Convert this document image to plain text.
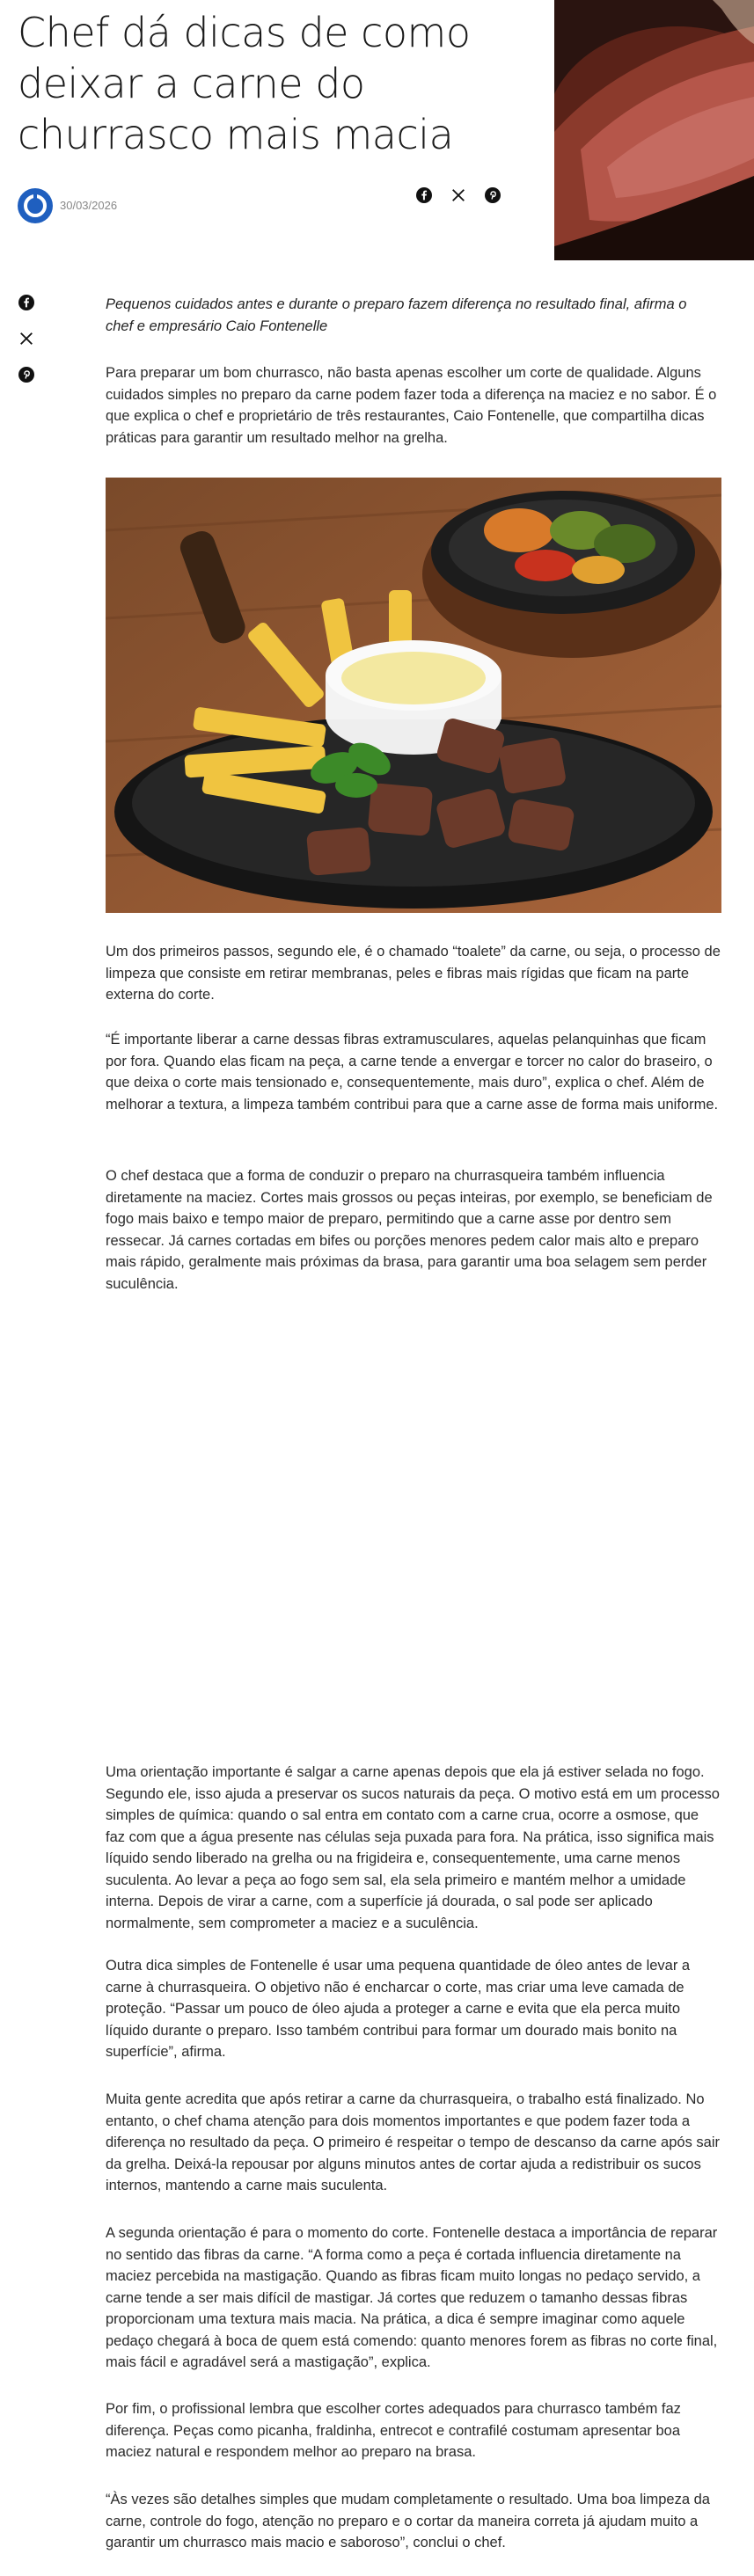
Chef dá dicas de como deixar a carne do churrasco mais macia
30/03/2026

Pequenos cuidados antes e durante o preparo fazem diferença no resultado final, afirma o chef e empresário Caio Fontenelle

Para preparar um bom churrasco, não basta apenas escolher um corte de qualidade. Alguns cuidados simples no preparo da carne podem fazer toda a diferença na maciez e no sabor. É o que explica o chef e proprietário de três restaurantes, Caio Fontenelle, que compartilha dicas práticas para garantir um resultado melhor na grelha.

Um dos primeiros passos, segundo ele, é o chamado “toalete” da carne, ou seja, o processo de limpeza que consiste em retirar membranas, peles e fibras mais rígidas que ficam na parte externa do corte.

“É importante liberar a carne dessas fibras extramusculares, aquelas pelanquinhas que ficam por fora. Quando elas ficam na peça, a carne tende a envergar e torcer no calor do braseiro, o que deixa o corte mais tensionado e, consequentemente, mais duro”, explica o chef. Além de melhorar a textura, a limpeza também contribui para que a carne asse de forma mais uniforme.

O chef destaca que a forma de conduzir o preparo na churrasqueira também influencia diretamente na maciez. Cortes mais grossos ou peças inteiras, por exemplo, se beneficiam de fogo mais baixo e tempo maior de preparo, permitindo que a carne asse por dentro sem ressecar. Já carnes cortadas em bifes ou porções menores pedem calor mais alto e preparo mais rápido, geralmente mais próximas da brasa, para garantir uma boa selagem sem perder suculência.

Uma orientação importante é salgar a carne apenas depois que ela já estiver selada no fogo. Segundo ele, isso ajuda a preservar os sucos naturais da peça. O motivo está em um processo simples de química: quando o sal entra em contato com a carne crua, ocorre a osmose, que faz com que a água presente nas células seja puxada para fora. Na prática, isso significa mais líquido sendo liberado na grelha ou na frigideira e, consequentemente, uma carne menos suculenta. Ao levar a peça ao fogo sem sal, ela sela primeiro e mantém melhor a umidade interna. Depois de virar a carne, com a superfície já dourada, o sal pode ser aplicado normalmente, sem comprometer a maciez e a suculência.

Outra dica simples de Fontenelle é usar uma pequena quantidade de óleo antes de levar a carne à churrasqueira. O objetivo não é encharcar o corte, mas criar uma leve camada de proteção. “Passar um pouco de óleo ajuda a proteger a carne e evita que ela perca muito líquido durante o preparo. Isso também contribui para formar um dourado mais bonito na superfície”, afirma.

Muita gente acredita que após retirar a carne da churrasqueira, o trabalho está finalizado. No entanto, o chef chama atenção para dois momentos importantes e que podem fazer toda a diferença no resultado da peça. O primeiro é respeitar o tempo de descanso da carne após sair da grelha. Deixá-la repousar por alguns minutos antes de cortar ajuda a redistribuir os sucos internos, mantendo a carne mais suculenta.

A segunda orientação é para o momento do corte. Fontenelle destaca a importância de reparar no sentido das fibras da carne. “A forma como a peça é cortada influencia diretamente na maciez percebida na mastigação. Quando as fibras ficam muito longas no pedaço servido, a carne tende a ser mais difícil de mastigar. Já cortes que reduzem o tamanho dessas fibras proporcionam uma textura mais macia. Na prática, a dica é sempre imaginar como aquele pedaço chegará à boca de quem está comendo: quanto menores forem as fibras no corte final, mais fácil e agradável será a mastigação”, explica.

Por fim, o profissional lembra que escolher cortes adequados para churrasco também faz diferença. Peças como picanha, fraldinha, entrecot e contrafilé costumam apresentar boa maciez natural e respondem melhor ao preparo na brasa.

“Às vezes são detalhes simples que mudam completamente o resultado. Uma boa limpeza da carne, controle do fogo, atenção no preparo e o cortar da maneira correta já ajudam muito a garantir um churrasco mais macio e saboroso”, conclui o chef.
